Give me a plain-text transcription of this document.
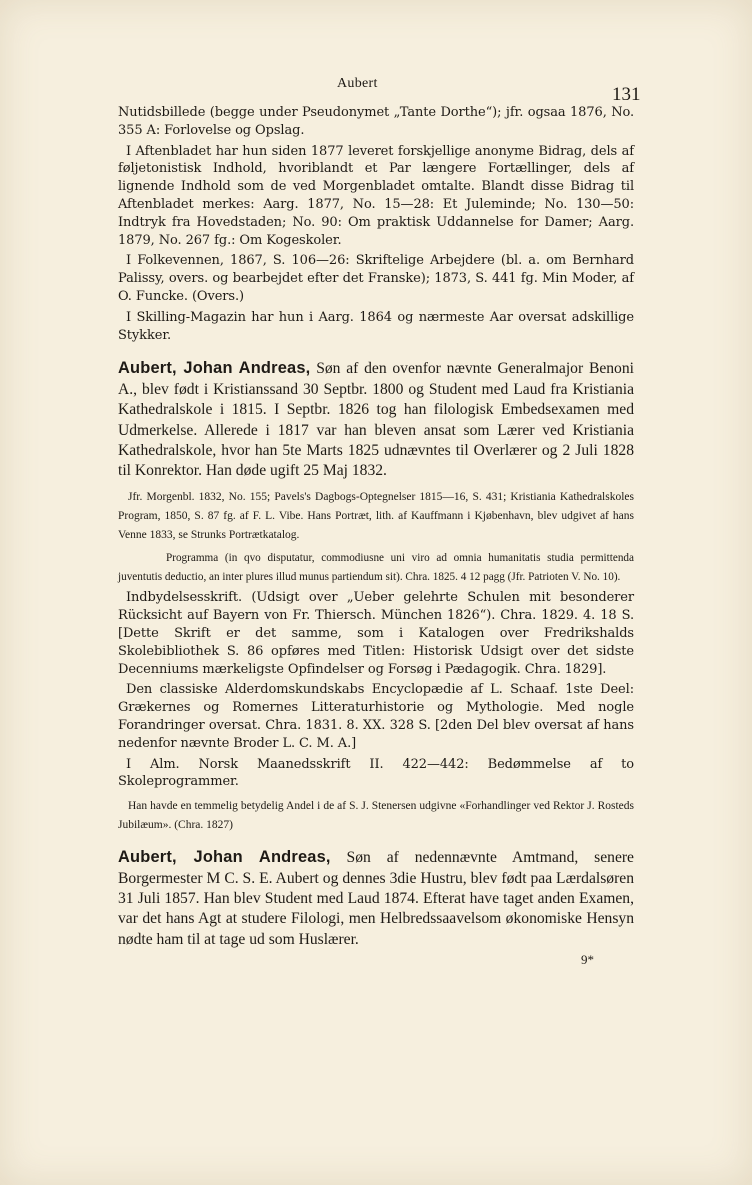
Aubert
131

Nutidsbillede (begge under Pseudonymet „Tante Dorthe“); jfr. ogsaa 1876, No. 355 A: Forlovelse og Opslag.

I Aftenbladet har hun siden 1877 leveret forskjellige anonyme Bidrag, dels af føljetonistisk Indhold, hvoriblandt et Par længere Fortællinger, dels af lignende Indhold som de ved Morgenbladet omtalte. Blandt disse Bidrag til Aftenbladet merkes: Aarg. 1877, No. 15—28: Et Juleminde; No. 130—50: Indtryk fra Hovedstaden; No. 90: Om praktisk Uddannelse for Damer; Aarg. 1879, No. 267 fg.: Om Kogeskoler.

I Folkevennen, 1867, S. 106—26: Skriftelige Arbejdere (bl. a. om Bernhard Palissy, overs. og bearbejdet efter det Franske); 1873, S. 441 fg. Min Moder, af O. Funcke. (Overs.)

I Skilling-Magazin har hun i Aarg. 1864 og nærmeste Aar oversat adskillige Stykker.

Aubert, Johan Andreas, Søn af den ovenfor nævnte Generalmajor Benoni A., blev født i Kristianssand 30 Septbr. 1800 og Student med Laud fra Kristiania Kathedralskole i 1815. I Septbr. 1826 tog han filologisk Embedsexamen med Udmerkelse. Allerede i 1817 var han bleven ansat som Lærer ved Kristiania Kathedralskole, hvor han 5te Marts 1825 udnævntes til Overlærer og 2 Juli 1828 til Konrektor. Han døde ugift 25 Maj 1832.

Jfr. Morgenbl. 1832, No. 155; Pavels's Dagbogs-Optegnelser 1815—16, S. 431; Kristiania Kathedralskoles Program, 1850, S. 87 fg. af F. L. Vibe. Hans Portræt, lith. af Kauffmann i Kjøbenhavn, blev udgivet af hans Venne 1833, se Strunks Portrætkatalog.

Programma (in qvo disputatur, commodiusne uni viro ad omnia humanitatis studia permittenda juventutis deductio, an inter plures illud munus partiendum sit). Chra. 1825. 4 12 pagg (Jfr. Patrioten V. No. 10).

Indbydelsesskrift. (Udsigt over „Ueber gelehrte Schulen mit besonderer Rücksicht auf Bayern von Fr. Thiersch. München 1826“). Chra. 1829. 4. 18 S. [Dette Skrift er det samme, som i Katalogen over Fredrikshalds Skolebibliothek S. 86 opføres med Titlen: Historisk Udsigt over det sidste Decenniums mærkeligste Opfindelser og Forsøg i Pædagogik. Chra. 1829].

Den classiske Alderdomskundskabs Encyclopædie af L. Schaaf. 1ste Deel: Grækernes og Romernes Litteraturhistorie og Mythologie. Med nogle Forandringer oversat. Chra. 1831. 8. XX. 328 S. [2den Del blev oversat af hans nedenfor nævnte Broder L. C. M. A.]

I Alm. Norsk Maanedsskrift II. 422—442: Bedømmelse af to Skoleprogrammer.

Han havde en temmelig betydelig Andel i de af S. J. Stenersen udgivne «Forhandlinger ved Rektor J. Rosteds Jubilæum». (Chra. 1827)

Aubert, Johan Andreas, Søn af nedennævnte Amtmand, senere Borgermester M C. S. E. Aubert og dennes 3die Hustru, blev født paa Lærdalsøren 31 Juli 1857. Han blev Student med Laud 1874. Efterat have taget anden Examen, var det hans Agt at studere Filologi, men Helbredssaavelsom økonomiske Hensyn nødte ham til at tage ud som Huslærer.

9*
